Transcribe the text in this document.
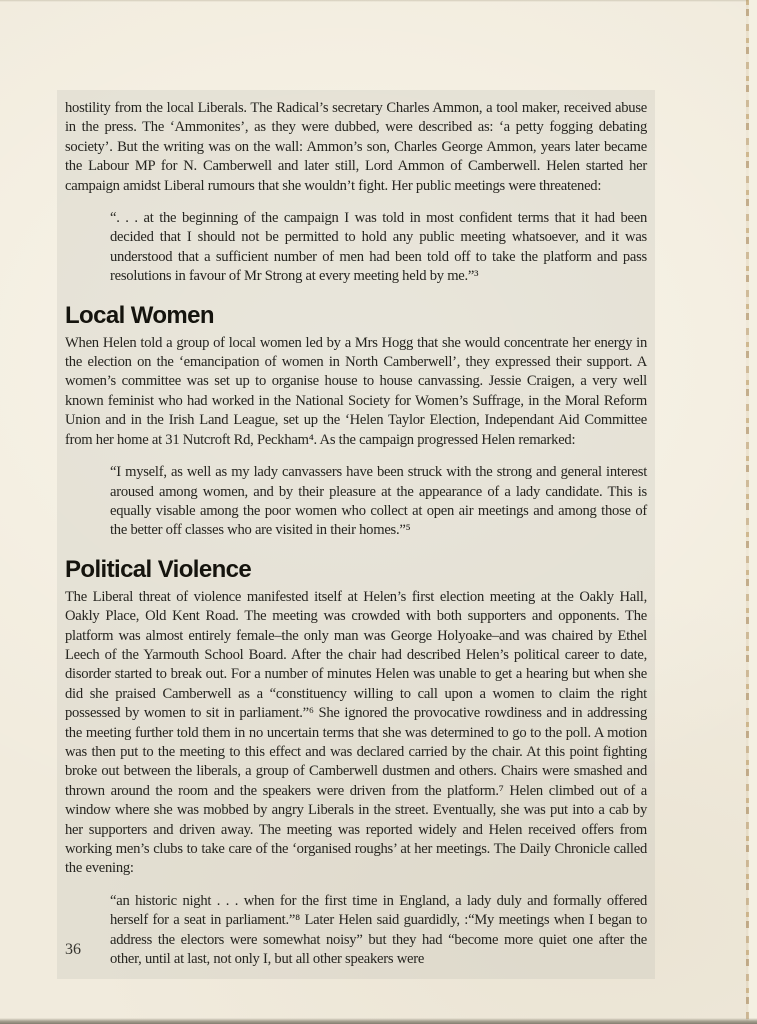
hostility from the local Liberals. The Radical’s secretary Charles Ammon, a tool maker, received abuse in the press. The ‘Ammonites’, as they were dubbed, were described as: ‘a petty fogging debating society’. But the writing was on the wall: Ammon’s son, Charles George Ammon, years later became the Labour MP for N. Camberwell and later still, Lord Ammon of Camberwell. Helen started her campaign amidst Liberal rumours that she wouldn’t fight. Her public meetings were threatened:

“. . . at the beginning of the campaign I was told in most confident terms that it had been decided that I should not be permitted to hold any public meeting whatsoever, and it was understood that a sufficient number of men had been told off to take the platform and pass resolutions in favour of Mr Strong at every meeting held by me.”³

Local Women

When Helen told a group of local women led by a Mrs Hogg that she would concentrate her energy in the election on the ‘emancipation of women in North Camberwell’, they expressed their support. A women’s committee was set up to organise house to house canvassing. Jessie Craigen, a very well known feminist who had worked in the National Society for Women’s Suffrage, in the Moral Reform Union and in the Irish Land League, set up the ‘Helen Taylor Election, Independant Aid Committee from her home at 31 Nutcroft Rd, Peckham⁴. As the campaign progressed Helen remarked:

“I myself, as well as my lady canvassers have been struck with the strong and general interest aroused among women, and by their pleasure at the appearance of a lady candidate. This is equally visable among the poor women who collect at open air meetings and among those of the better off classes who are visited in their homes.”⁵

Political Violence

The Liberal threat of violence manifested itself at Helen’s first election meeting at the Oakly Hall, Oakly Place, Old Kent Road. The meeting was crowded with both supporters and opponents. The platform was almost entirely female–the only man was George Holyoake–and was chaired by Ethel Leech of the Yarmouth School Board. After the chair had described Helen’s political career to date, disorder started to break out. For a number of minutes Helen was unable to get a hearing but when she did she praised Camberwell as a “constituency willing to call upon a women to claim the right possessed by women to sit in parliament.”⁶ She ignored the provocative rowdiness and in addressing the meeting further told them in no uncertain terms that she was determined to go to the poll. A motion was then put to the meeting to this effect and was declared carried by the chair. At this point fighting broke out between the liberals, a group of Camberwell dustmen and others. Chairs were smashed and thrown around the room and the speakers were driven from the platform.⁷ Helen climbed out of a window where she was mobbed by angry Liberals in the street. Eventually, she was put into a cab by her supporters and driven away. The meeting was reported widely and Helen received offers from working men’s clubs to take care of the ‘organised roughs’ at her meetings. The Daily Chronicle called the evening:

“an historic night . . . when for the first time in England, a lady duly and formally offered herself for a seat in parliament.”⁸ Later Helen said guardidly, :“My meetings when I began to address the electors were somewhat noisy” but they had “become more quiet one after the other, until at last, not only I, but all other speakers were

36
